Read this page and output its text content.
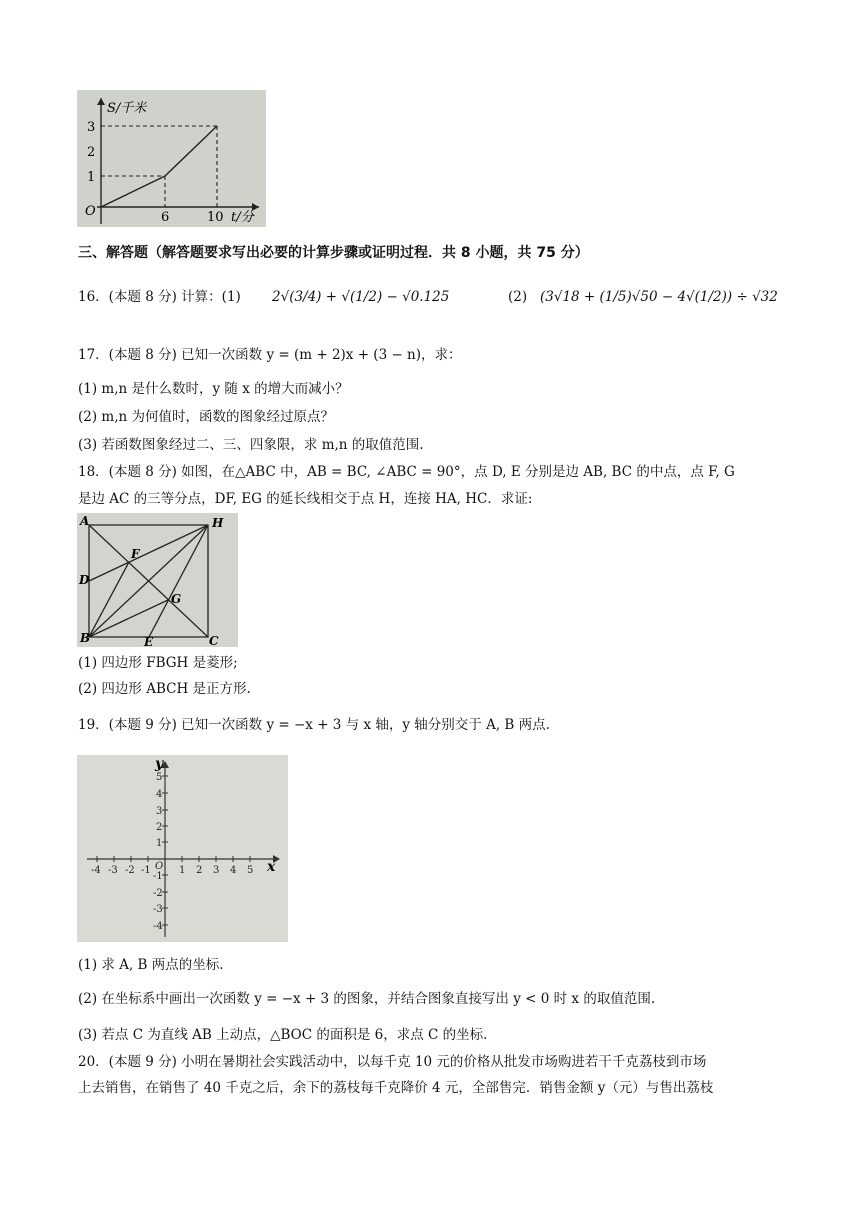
S/千米
O
1
2
3
6	10 t/分
三、解答题（解答题要求写出必要的计算步骤或证明过程．共 8 小题，共 75 分）
16．(本题 8 分) 计算：(1) 2√(3/4) + √(1/2) − √0.125	(2) (3√18 + (1/5)√50 − 4√(1/2)) ÷ √32
17．(本题 8 分) 已知一次函数 y = (m + 2)x + (3 − n)，求：
(1) m,n 是什么数时，y 随 x 的增大而减小？
(2) m,n 为何值时，函数的图象经过原点？
(3) 若函数图象经过二、三、四象限，求 m,n 的取值范围.
18．(本题 8 分) 如图，在△ABC 中，AB = BC, ∠ABC = 90°，点 D, E 分别是边 AB, BC 的中点，点 F, G
是边 AC 的三等分点，DF, EG 的延长线相交于点 H，连接 HA, HC．求证:
A	H
F
D
G
B	E	C
(1) 四边形 FBGH 是菱形;
(2) 四边形 ABCH 是正方形.
19．(本题 9 分) 已知一次函数 y = −x + 3 与 x 轴，y 轴分别交于 A, B 两点.
-4 -3 -2 -1	1 2 3 4 5
5
4
3
2
1
-1
-2
-3
-4
O
y
x
(1) 求 A, B 两点的坐标.
(2) 在坐标系中画出一次函数 y = −x + 3 的图象，并结合图象直接写出 y < 0 时 x 的取值范围.
(3) 若点 C 为直线 AB 上动点，△BOC 的面积是 6，求点 C 的坐标.
20．(本题 9 分) 小明在暑期社会实践活动中，以每千克 10 元的价格从批发市场购进若干千克荔枝到市场
上去销售，在销售了 40 千克之后，余下的荔枝每千克降价 4 元，全部售完．销售金额 y（元）与售出荔枝
